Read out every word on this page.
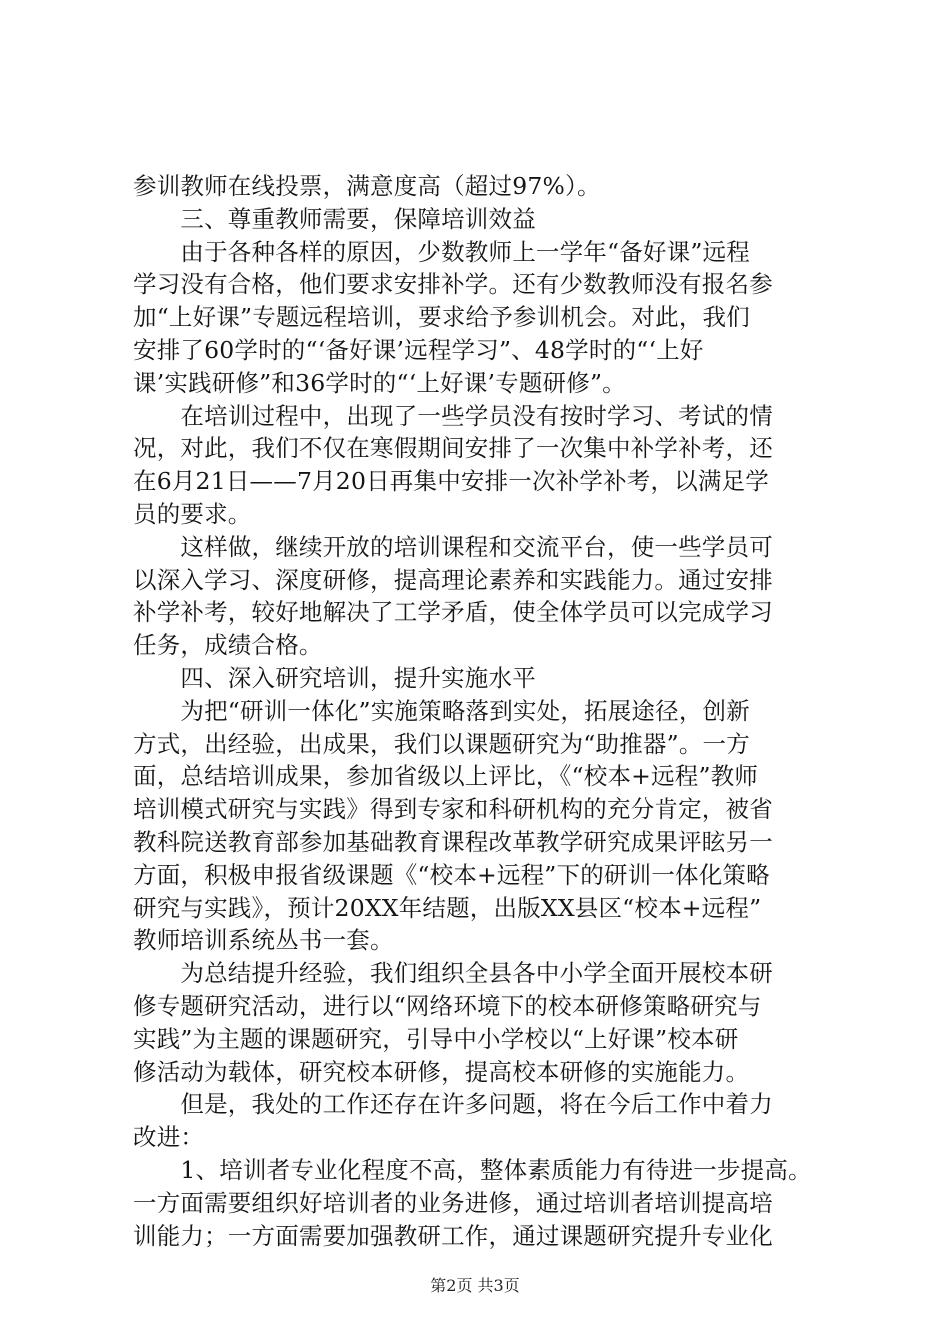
参训教师在线投票，满意度高（超过97%）。
　　三、尊重教师需要，保障培训效益
　　由于各种各样的原因，少数教师上一学年“备好课”远程
学习没有合格，他们要求安排补学。还有少数教师没有报名参
加“上好课”专题远程培训，要求给予参训机会。对此，我们
安排了60学时的“‘备好课’远程学习”、48学时的“‘上好
课’实践研修”和36学时的“‘上好课’专题研修”。
　　在培训过程中，出现了一些学员没有按时学习、考试的情
况，对此，我们不仅在寒假期间安排了一次集中补学补考，还
在6月21日——7月20日再集中安排一次补学补考，以满足学
员的要求。
　　这样做，继续开放的培训课程和交流平台，使一些学员可
以深入学习、深度研修，提高理论素养和实践能力。通过安排
补学补考，较好地解决了工学矛盾，使全体学员可以完成学习
任务，成绩合格。
　　四、深入研究培训，提升实施水平
　　为把“研训一体化”实施策略落到实处，拓展途径，创新
方式，出经验，出成果，我们以课题研究为“助推器”。一方
面，总结培训成果，参加省级以上评比，《“校本+远程”教师
培训模式研究与实践》得到专家和科研机构的充分肯定，被省
教科院送教育部参加基础教育课程改革教学研究成果评眩另一
方面，积极申报省级课题《“校本+远程”下的研训一体化策略
研究与实践》，预计20XX年结题，出版XX县区“校本+远程”
教师培训系统丛书一套。
　　为总结提升经验，我们组织全县各中小学全面开展校本研
修专题研究活动，进行以“网络环境下的校本研修策略研究与
实践”为主题的课题研究，引导中小学校以“上好课”校本研
修活动为载体，研究校本研修，提高校本研修的实施能力。
　　但是，我处的工作还存在许多问题，将在今后工作中着力
改进：
　　1、培训者专业化程度不高，整体素质能力有待进一步提高。
一方面需要组织好培训者的业务进修，通过培训者培训提高培
训能力；一方面需要加强教研工作，通过课题研究提升专业化
第2页 共3页
